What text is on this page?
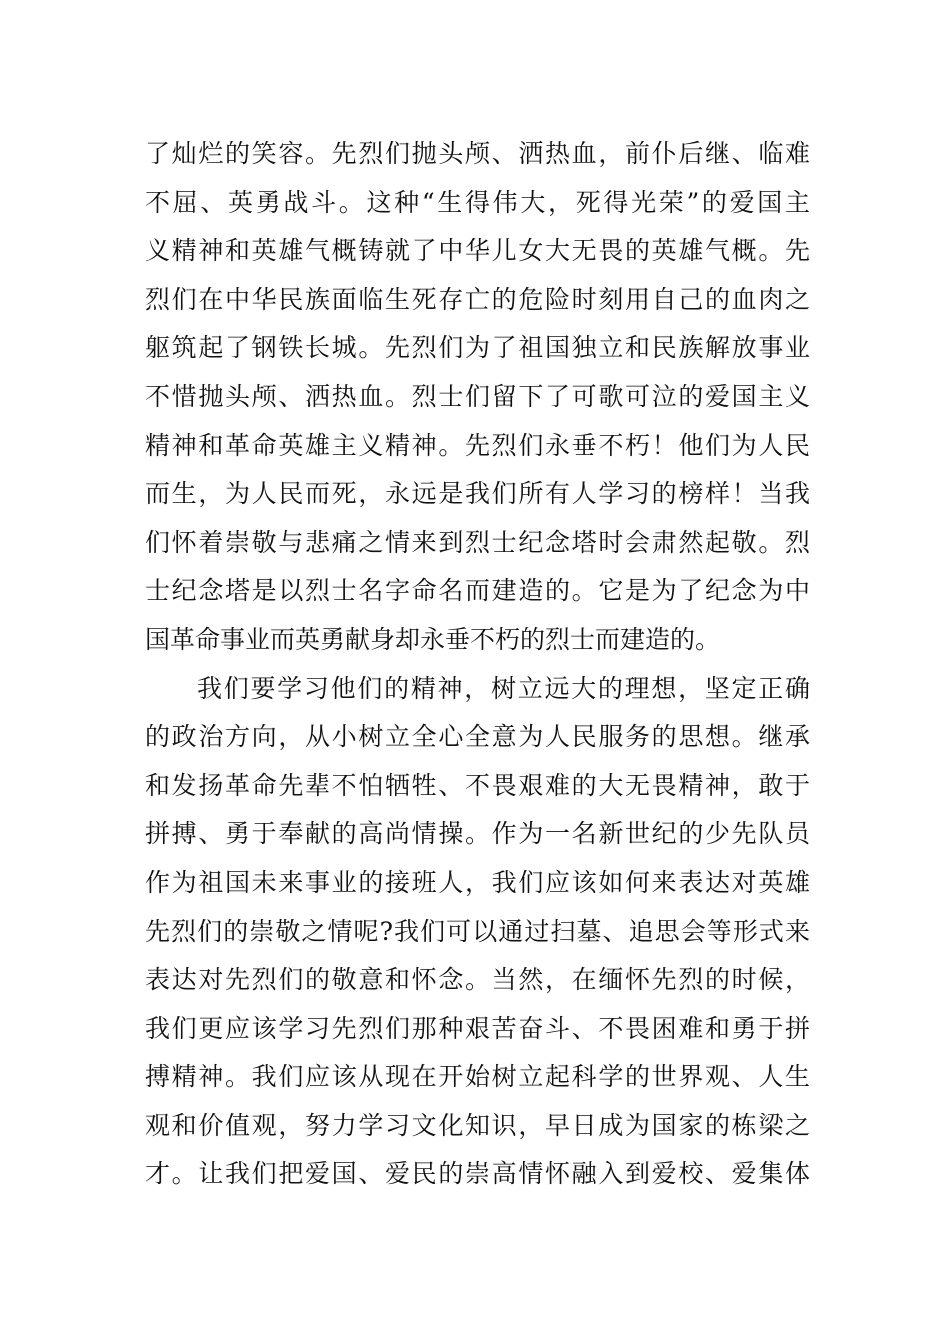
了灿烂的笑容。先烈们抛头颅、洒热血，前仆后继、临难
不屈、英勇战斗。这种“生得伟大，死得光荣”的爱国主
义精神和英雄气概铸就了中华儿女大无畏的英雄气概。先
烈们在中华民族面临生死存亡的危险时刻用自己的血肉之
躯筑起了钢铁长城。先烈们为了祖国独立和民族解放事业
不惜抛头颅、洒热血。烈士们留下了可歌可泣的爱国主义
精神和革命英雄主义精神。先烈们永垂不朽！他们为人民
而生，为人民而死，永远是我们所有人学习的榜样！当我
们怀着崇敬与悲痛之情来到烈士纪念塔时会肃然起敬。烈
士纪念塔是以烈士名字命名而建造的。它是为了纪念为中
国革命事业而英勇献身却永垂不朽的烈士而建造的。
我们要学习他们的精神，树立远大的理想，坚定正确
的政治方向，从小树立全心全意为人民服务的思想。继承
和发扬革命先辈不怕牺牲、不畏艰难的大无畏精神，敢于
拼搏、勇于奉献的高尚情操。作为一名新世纪的少先队员
作为祖国未来事业的接班人，我们应该如何来表达对英雄
先烈们的崇敬之情呢?我们可以通过扫墓、追思会等形式来
表达对先烈们的敬意和怀念。当然，在缅怀先烈的时候，
我们更应该学习先烈们那种艰苦奋斗、不畏困难和勇于拼
搏精神。我们应该从现在开始树立起科学的世界观、人生
观和价值观，努力学习文化知识，早日成为国家的栋梁之
才。让我们把爱国、爱民的崇高情怀融入到爱校、爱集体
